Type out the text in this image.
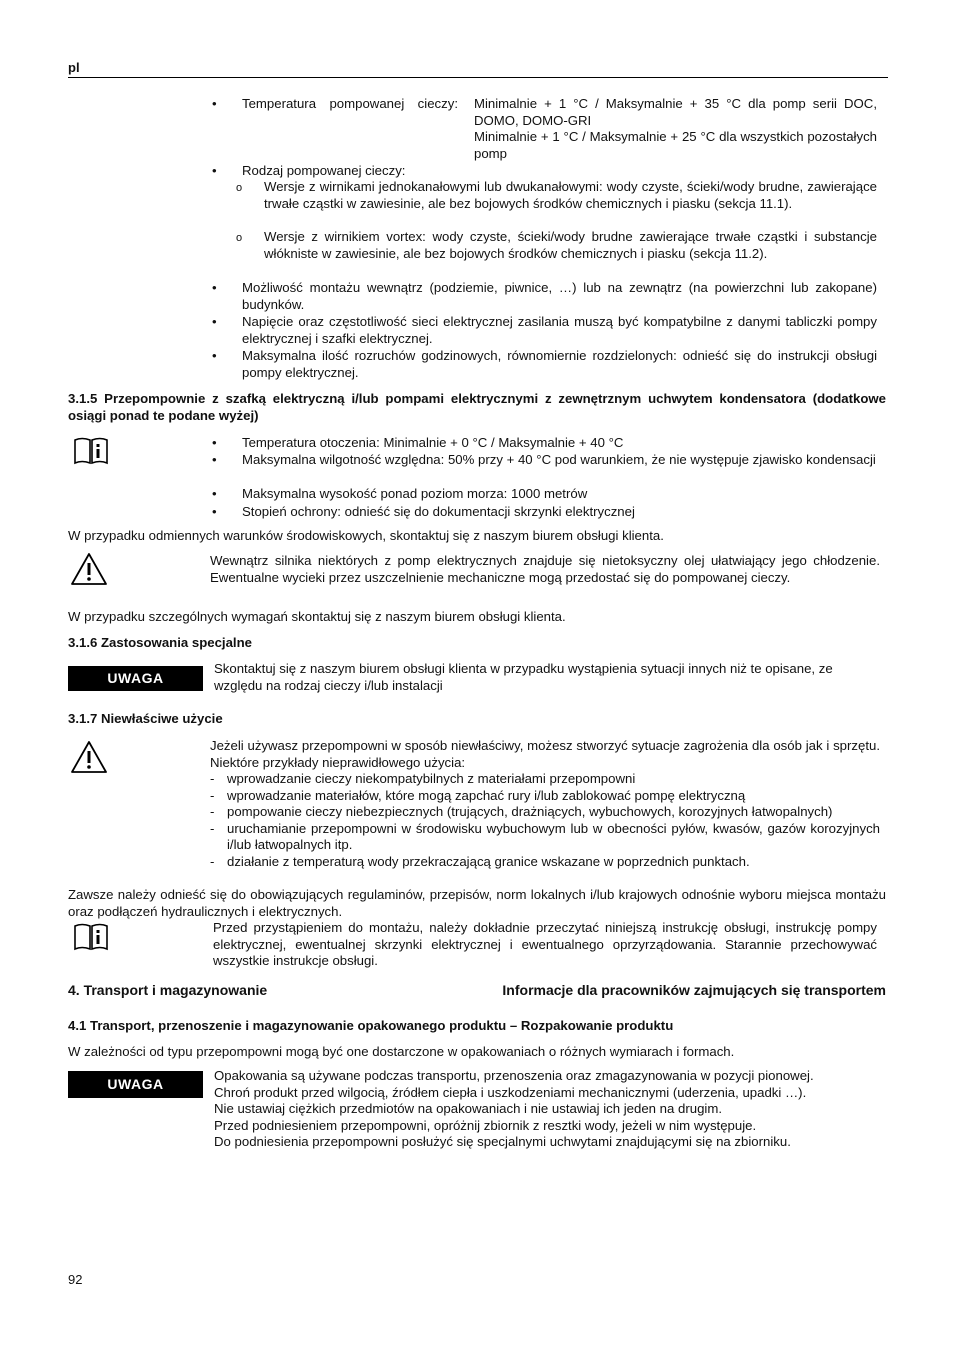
pl
• Temperatura pompowanej cieczy: Minimalnie + 1 °C / Maksymalnie + 35 °C dla pomp serii DOC, DOMO, DOMO-GRI
Minimalnie + 1 °C / Maksymalnie + 25 °C dla wszystkich pozostałych pomp
• Rodzaj pompowanej cieczy:
o Wersje z wirnikami jednokanałowymi lub dwukanałowymi: wody czyste, ścieki/wody brudne, zawierające trwałe cząstki w zawiesinie, ale bez bojowych środków chemicznych i piasku (sekcja 11.1).
o Wersje z wirnikiem vortex: wody czyste, ścieki/wody brudne zawierające trwałe cząstki i substancje włókniste w zawiesinie, ale bez bojowych środków chemicznych i piasku (sekcja 11.2).
• Możliwość montażu wewnątrz (podziemie, piwnice, …) lub na zewnątrz (na powierzchni lub zakopane) budynków.
• Napięcie oraz częstotliwość sieci elektrycznej zasilania muszą być kompatybilne z danymi tabliczki pompy elektrycznej i szafki elektrycznej.
• Maksymalna ilość rozruchów godzinowych, równomiernie rozdzielonych: odnieść się do instrukcji obsługi pompy elektrycznej.
3.1.5 Przepompownie z szafką elektryczną i/lub pompami elektrycznymi z zewnętrznym uchwytem kondensatora (dodatkowe osiągi ponad te podane wyżej)
• Temperatura otoczenia: Minimalnie + 0 °C / Maksymalnie + 40 °C
• Maksymalna wilgotność względna: 50% przy + 40 °C pod warunkiem, że nie występuje zjawisko kondensacji
• Maksymalna wysokość ponad poziom morza: 1000 metrów
• Stopień ochrony: odnieść się do dokumentacji skrzynki elektrycznej
W przypadku odmiennych warunków środowiskowych, skontaktuj się z naszym biurem obsługi klienta.
Wewnątrz silnika niektórych z pomp elektrycznych znajduje się nietoksyczny olej ułatwiający jego chłodzenie. Ewentualne wycieki przez uszczelnienie mechaniczne mogą przedostać się do pompowanej cieczy.
W przypadku szczególnych wymagań skontaktuj się z naszym biurem obsługi klienta.
3.1.6 Zastosowania specjalne
UWAGA
Skontaktuj się z naszym biurem obsługi klienta w przypadku wystąpienia sytuacji innych niż te opisane, ze względu na rodzaj cieczy i/lub instalacji
3.1.7 Niewłaściwe użycie
Jeżeli używasz przepompowni w sposób niewłaściwy, możesz stworzyć sytuacje zagrożenia dla osób jak i sprzętu. Niektóre przykłady nieprawidłowego użycia:
- wprowadzanie cieczy niekompatybilnych z materiałami przepompowni
- wprowadzanie materiałów, które mogą zapchać rury i/lub zablokować pompę elektryczną
- pompowanie cieczy niebezpiecznych (trujących, drażniących, wybuchowych, korozyjnych łatwopalnych)
- uruchamianie przepompowni w środowisku wybuchowym lub w obecności pyłów, kwasów, gazów korozyjnych i/lub łatwopalnych itp.
- działanie z temperaturą wody przekraczającą granice wskazane w poprzednich punktach.
Zawsze należy odnieść się do obowiązujących regulaminów, przepisów, norm lokalnych i/lub krajowych odnośnie wyboru miejsca montażu oraz podłączeń hydraulicznych i elektrycznych.
Przed przystąpieniem do montażu, należy dokładnie przeczytać niniejszą instrukcję obsługi, instrukcję pompy elektrycznej, ewentualnej skrzynki elektrycznej i ewentualnego oprzyrządowania. Starannie przechowywać wszystkie instrukcje obsługi.
4. Transport i magazynowanie	Informacje dla pracowników zajmujących się transportem
4.1 Transport, przenoszenie i magazynowanie opakowanego produktu – Rozpakowanie produktu
W zależności od typu przepompowni mogą być one dostarczone w opakowaniach o różnych wymiarach i formach.
UWAGA
Opakowania są używane podczas transportu, przenoszenia oraz zmagazynowania w pozycji pionowej.
Chroń produkt przed wilgocią, źródłem ciepła i uszkodzeniami mechanicznymi (uderzenia, upadki …).
Nie ustawiaj ciężkich przedmiotów na opakowaniach i nie ustawiaj ich jeden na drugim.
Przed podniesieniem przepompowni, opróżnij zbiornik z resztki wody, jeżeli w nim występuje.
Do podniesienia przepompowni posłużyć się specjalnymi uchwytami znajdującymi się na zbiorniku.
92
